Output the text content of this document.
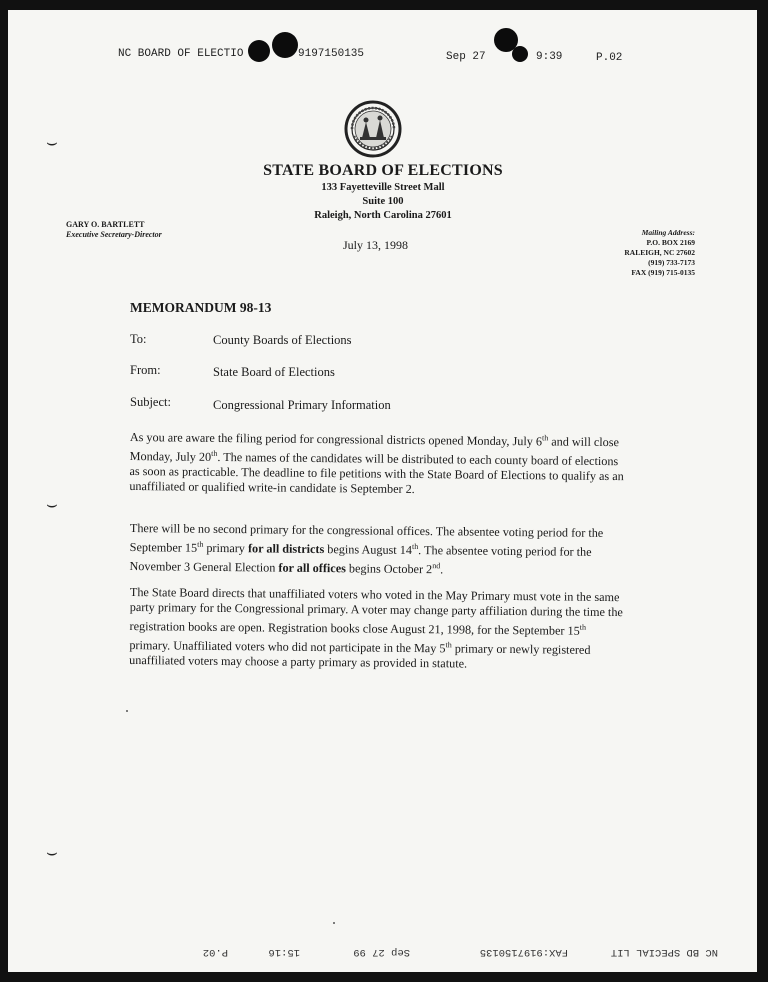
NC BOARD OF ELECTIO	9197150135	Sep 27	9:39	P.02
STATE BOARD OF ELECTIONS
133 Fayetteville Street Mall
Suite 100
Raleigh, North Carolina 27601
GARY O. BARTLETT
Executive Secretary-Director	Mailing Address:
P.O. BOX 2169
RALEIGH, NC 27602
(919) 733-7173
FAX (919) 715-0135
July 13, 1998
MEMORANDUM 98-13
To:	County Boards of Elections
From:	State Board of Elections
Subject:	Congressional Primary Information
As you are aware the filing period for congressional districts opened Monday, July 6th and will close Monday, July 20th. The names of the candidates will be distributed to each county board of elections as soon as practicable. The deadline to file petitions with the State Board of Elections to qualify as an unaffiliated or qualified write-in candidate is September 2.
There will be no second primary for the congressional offices. The absentee voting period for the September 15th primary for all districts begins August 14th. The absentee voting period for the November 3 General Election for all offices begins October 2nd.
The State Board directs that unaffiliated voters who voted in the May Primary must vote in the same party primary for the Congressional primary. A voter may change party affiliation during the time the registration books are open. Registration books close August 21, 1998, for the September 15th primary. Unaffiliated voters who did not participate in the May 5th primary or newly registered unaffiliated voters may choose a party primary as provided in statute.
⌣
⌣
⌣
NC BD SPECIAL LIT
FAX:9197150135
Sep 27 99
15:16
P.02
